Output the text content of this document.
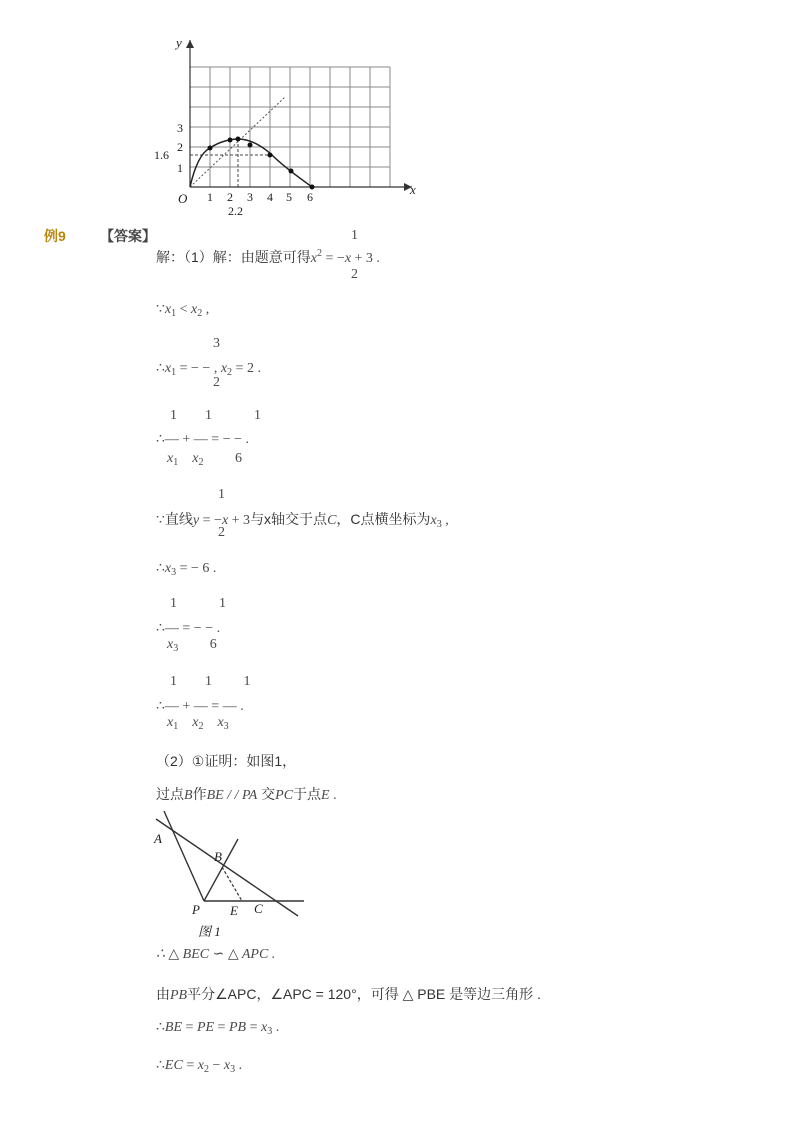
y
x
O 1 2 3 4 5 6
1
2
3
1.6
2.2
例9 【答案】
解：（1）解：由题意可得$x^2 = -x + 3$ .
1
2
$\because x_1 < x_2$ ,
3
$\therefore x_1$ = − − , $x_2 = 2$ .
2
1        1            1
∴— + — = − − .
$x_1$ $x_2$         6
1
∵直线y = −x + 3与x轴交于点C，C点横坐标为$x_3$ ,
2
$\therefore x_3$ = − 6 .
1            1
∴— = − − .
$x_3$         6
1        1         1
∴— + — = — .
$x_1$ $x_2$ $x_3$
（2）①证明：如图1，
过点B作BE / / PA 交PC于点E .
A
B
P E C
图 1
∴ △ BEC ∽ △ APC .
由PB平分∠APC，∠APC = 120°，可得 △ PBE 是等边三角形 .
∴BE = PE = PB = $x_3$ .
∴EC = $x_2 - x_3$ .
